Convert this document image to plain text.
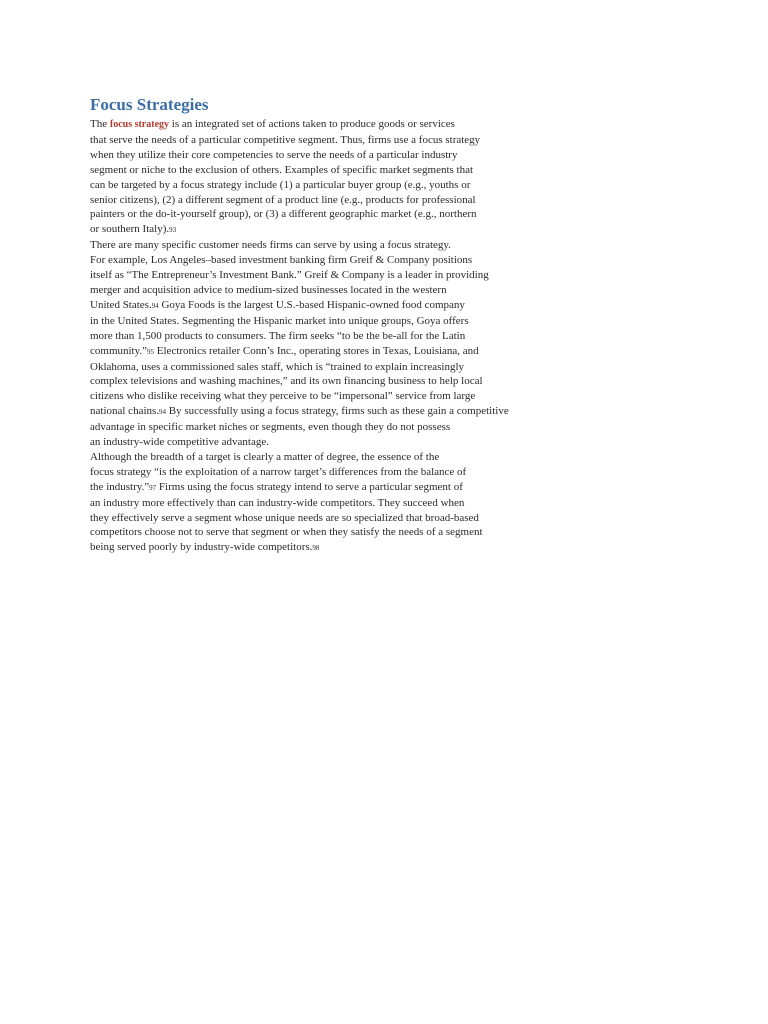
Focus Strategies

The focus strategy is an integrated set of actions taken to produce goods or services
that serve the needs of a particular competitive segment. Thus, firms use a focus strategy
when they utilize their core competencies to serve the needs of a particular industry
segment or niche to the exclusion of others. Examples of specific market segments that
can be targeted by a focus strategy include (1) a particular buyer group (e.g., youths or
senior citizens), (2) a different segment of a product line (e.g., products for professional
painters or the do-it-yourself group), or (3) a different geographic market (e.g., northern
or southern Italy).93

There are many specific customer needs firms can serve by using a focus strategy.
For example, Los Angeles–based investment banking firm Greif & Company positions
itself as “The Entrepreneur’s Investment Bank.” Greif & Company is a leader in providing
merger and acquisition advice to medium-sized businesses located in the western
United States.94 Goya Foods is the largest U.S.-based Hispanic-owned food company
in the United States. Segmenting the Hispanic market into unique groups, Goya offers
more than 1,500 products to consumers. The firm seeks “to be the be-all for the Latin
community.”95 Electronics retailer Conn’s Inc., operating stores in Texas, Louisiana, and
Oklahoma, uses a commissioned sales staff, which is “trained to explain increasingly
complex televisions and washing machines,” and its own financing business to help local
citizens who dislike receiving what they perceive to be “impersonal” service from large
national chains.94 By successfully using a focus strategy, firms such as these gain a competitive
advantage in specific market niches or segments, even though they do not possess
an industry-wide competitive advantage.

Although the breadth of a target is clearly a matter of degree, the essence of the
focus strategy “is the exploitation of a narrow target’s differences from the balance of
the industry.”97 Firms using the focus strategy intend to serve a particular segment of
an industry more effectively than can industry-wide competitors. They succeed when
they effectively serve a segment whose unique needs are so specialized that broad-based
competitors choose not to serve that segment or when they satisfy the needs of a segment
being served poorly by industry-wide competitors.98
